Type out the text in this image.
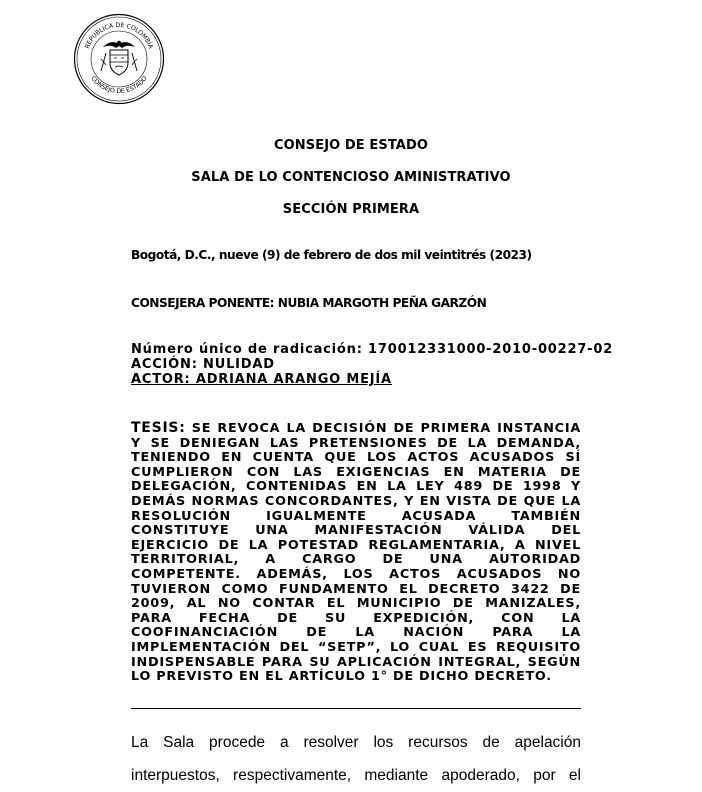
REPÚBLICA DE COLOMBIA
CONSEJO DE ESTADO
CONSEJO DE ESTADO
SALA DE LO CONTENCIOSO AMINISTRATIVO
SECCIÓN PRIMERA
Bogotá, D.C., nueve (9) de febrero de dos mil veintitrés (2023)
CONSEJERA PONENTE: NUBIA MARGOTH PEÑA GARZÓN
Número único de radicación: 170012331000-2010-00227-02
ACCIÓN: NULIDAD
ACTOR: ADRIANA ARANGO MEJÍA
TESIS: SE REVOCA LA DECISIÓN DE PRIMERA INSTANCIA Y SE DENIEGAN LAS PRETENSIONES DE LA DEMANDA, TENIENDO EN CUENTA QUE LOS ACTOS ACUSADOS SÍ CUMPLIERON CON LAS EXIGENCIAS EN MATERIA DE DELEGACIÓN, CONTENIDAS EN LA LEY 489 DE 1998 Y DEMÁS NORMAS CONCORDANTES, Y EN VISTA DE QUE LA RESOLUCIÓN IGUALMENTE ACUSADA TAMBIÉN CONSTITUYE UNA MANIFESTACIÓN VÁLIDA DEL EJERCICIO DE LA POTESTAD REGLAMENTARIA, A NIVEL TERRITORIAL, A CARGO DE UNA AUTORIDAD COMPETENTE. ADEMÁS, LOS ACTOS ACUSADOS NO TUVIERON COMO FUNDAMENTO EL DECRETO 3422 DE 2009, AL NO CONTAR EL MUNICIPIO DE MANIZALES, PARA FECHA DE SU EXPEDICIÓN, CON LA COOFINANCIACIÓN DE LA NACIÓN PARA LA IMPLEMENTACIÓN DEL “SETP”, LO CUAL ES REQUISITO INDISPENSABLE PARA SU APLICACIÓN INTEGRAL, SEGÚN LO PREVISTO EN EL ARTÍCULO 1° DE DICHO DECRETO.
La Sala procede a resolver los recursos de apelación interpuestos, respectivamente, mediante apoderado, por el
